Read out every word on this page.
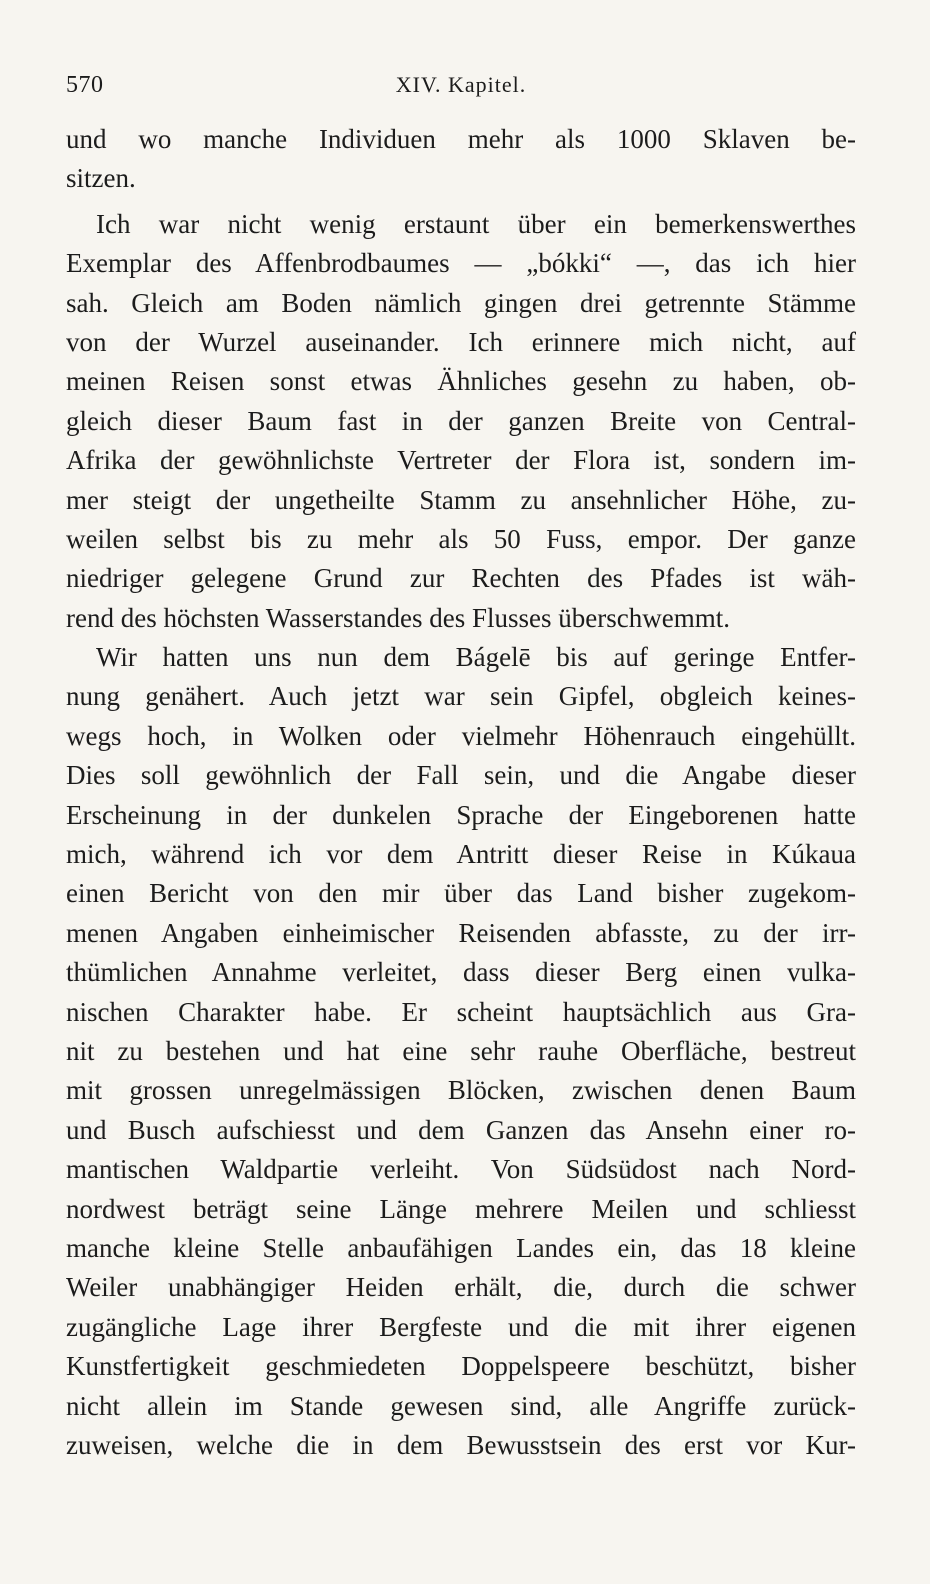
570	XIV. Kapitel.
und wo manche Individuen mehr als 1000 Sklaven be-
sitzen.
Ich war nicht wenig erstaunt über ein bemerkenswerthes
Exemplar des Affenbrodbaumes — „bókki“ —, das ich hier
sah. Gleich am Boden nämlich gingen drei getrennte Stämme
von der Wurzel auseinander. Ich erinnere mich nicht, auf
meinen Reisen sonst etwas Ähnliches gesehn zu haben, ob-
gleich dieser Baum fast in der ganzen Breite von Central-
Afrika der gewöhnlichste Vertreter der Flora ist, sondern im-
mer steigt der ungetheilte Stamm zu ansehnlicher Höhe, zu-
weilen selbst bis zu mehr als 50 Fuss, empor. Der ganze
niedriger gelegene Grund zur Rechten des Pfades ist wäh-
rend des höchsten Wasserstandes des Flusses überschwemmt.
Wir hatten uns nun dem Bágelē bis auf geringe Entfer-
nung genähert. Auch jetzt war sein Gipfel, obgleich keines-
wegs hoch, in Wolken oder vielmehr Höhenrauch eingehüllt.
Dies soll gewöhnlich der Fall sein, und die Angabe dieser
Erscheinung in der dunkelen Sprache der Eingeborenen hatte
mich, während ich vor dem Antritt dieser Reise in Kúkaua
einen Bericht von den mir über das Land bisher zugekom-
menen Angaben einheimischer Reisenden abfasste, zu der irr-
thümlichen Annahme verleitet, dass dieser Berg einen vulka-
nischen Charakter habe. Er scheint hauptsächlich aus Gra-
nit zu bestehen und hat eine sehr rauhe Oberfläche, bestreut
mit grossen unregelmässigen Blöcken, zwischen denen Baum
und Busch aufschiesst und dem Ganzen das Ansehn einer ro-
mantischen Waldpartie verleiht. Von Südsüdost nach Nord-
nordwest beträgt seine Länge mehrere Meilen und schliesst
manche kleine Stelle anbaufähigen Landes ein, das 18 kleine
Weiler unabhängiger Heiden erhält, die, durch die schwer
zugängliche Lage ihrer Bergfeste und die mit ihrer eigenen
Kunstfertigkeit geschmiedeten Doppelspeere beschützt, bisher
nicht allein im Stande gewesen sind, alle Angriffe zurück-
zuweisen, welche die in dem Bewusstsein des erst vor Kur-
